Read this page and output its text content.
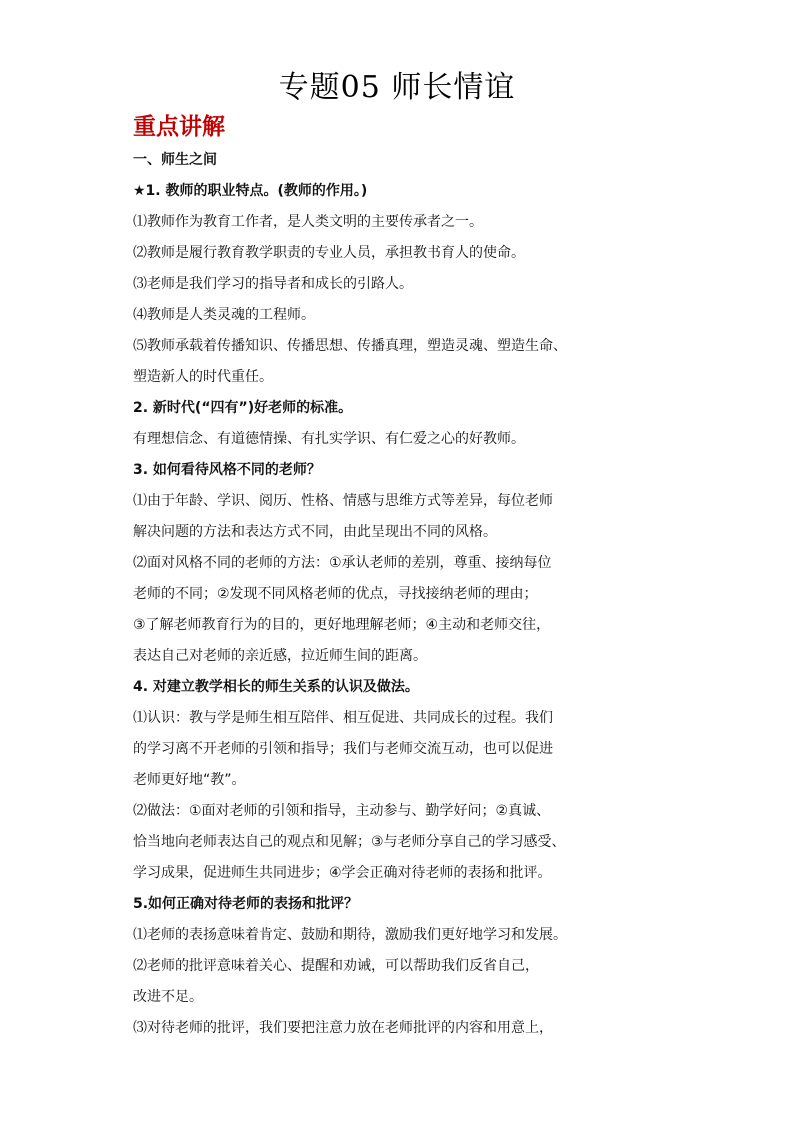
专题05 师长情谊
重点讲解
一、师生之间
★1. 教师的职业特点。(教师的作用。)
⑴教师作为教育工作者，是人类文明的主要传承者之一。
⑵教师是履行教育教学职责的专业人员，承担教书育人的使命。
⑶老师是我们学习的指导者和成长的引路人。
⑷教师是人类灵魂的工程师。
⑸教师承载着传播知识、传播思想、传播真理，塑造灵魂、塑造生命、
塑造新人的时代重任。
2. 新时代(“四有”)好老师的标准。
有理想信念、有道德情操、有扎实学识、有仁爱之心的好教师。
3. 如何看待风格不同的老师？
⑴由于年龄、学识、阅历、性格、情感与思维方式等差异，每位老师
解决问题的方法和表达方式不同，由此呈现出不同的风格。
⑵面对风格不同的老师的方法：①承认老师的差别，尊重、接纳每位
老师的不同；②发现不同风格老师的优点，寻找接纳老师的理由；
③了解老师教育行为的目的，更好地理解老师；④主动和老师交往，
表达自己对老师的亲近感，拉近师生间的距离。
4. 对建立教学相长的师生关系的认识及做法。
⑴认识：教与学是师生相互陪伴、相互促进、共同成长的过程。我们
的学习离不开老师的引领和指导；我们与老师交流互动，也可以促进
老师更好地“教”。
⑵做法：①面对老师的引领和指导，主动参与、勤学好问；②真诚、
恰当地向老师表达自己的观点和见解；③与老师分享自己的学习感受、
学习成果，促进师生共同进步；④学会正确对待老师的表扬和批评。
5.如何正确对待老师的表扬和批评？
⑴老师的表扬意味着肯定、鼓励和期待，激励我们更好地学习和发展。
⑵老师的批评意味着关心、提醒和劝诫，可以帮助我们反省自己，
改进不足。
⑶对待老师的批评，我们要把注意力放在老师批评的内容和用意上，
